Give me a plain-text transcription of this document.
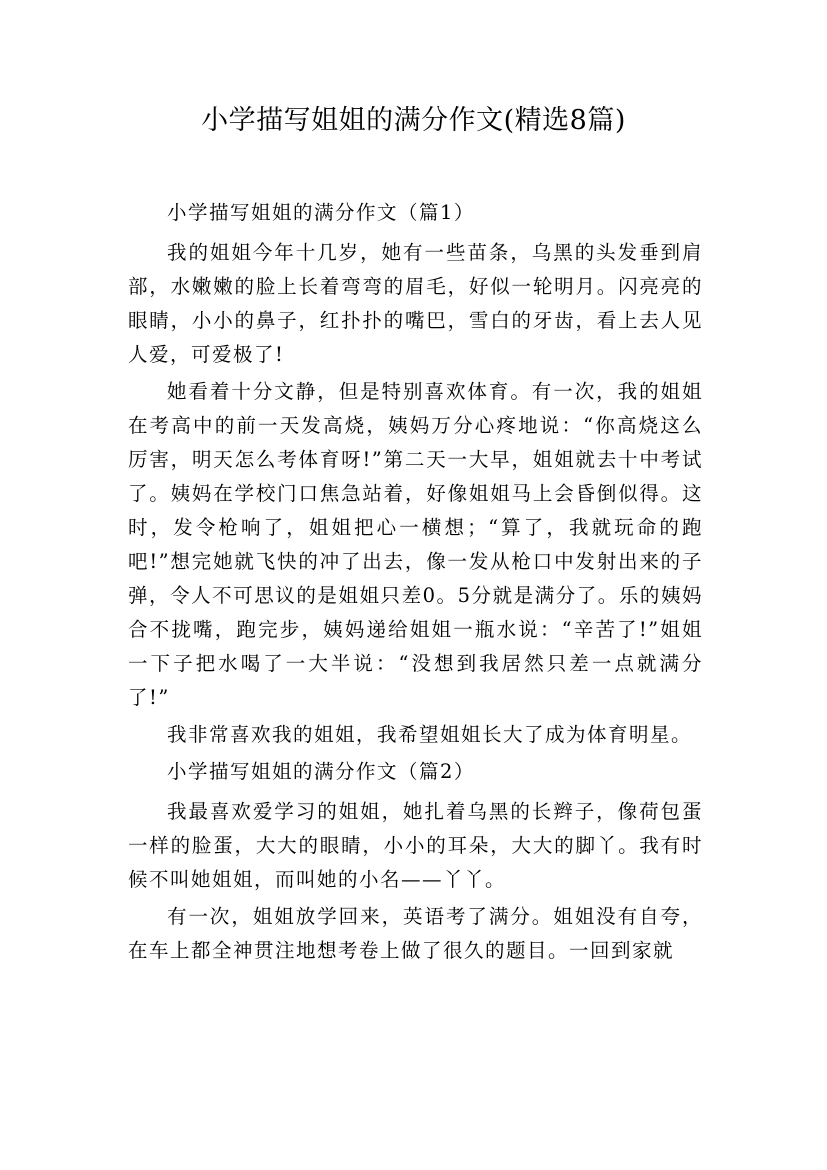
小学描写姐姐的满分作文(精选8篇)

小学描写姐姐的满分作文（篇1）

我的姐姐今年十几岁，她有一些苗条，乌黑的头发垂到肩部，水嫩嫩的脸上长着弯弯的眉毛，好似一轮明月。闪亮亮的眼睛，小小的鼻子，红扑扑的嘴巴，雪白的牙齿，看上去人见人爱，可爱极了!

她看着十分文静，但是特别喜欢体育。有一次，我的姐姐在考高中的前一天发高烧，姨妈万分心疼地说：“你高烧这么厉害，明天怎么考体育呀!”第二天一大早，姐姐就去十中考试了。姨妈在学校门口焦急站着，好像姐姐马上会昏倒似得。这时，发令枪响了，姐姐把心一横想；“算了，我就玩命的跑吧!”想完她就飞快的冲了出去，像一发从枪口中发射出来的子弹，令人不可思议的是姐姐只差0。5分就是满分了。乐的姨妈合不拢嘴，跑完步，姨妈递给姐姐一瓶水说：“辛苦了!”姐姐一下子把水喝了一大半说：“没想到我居然只差一点就满分了!”

我非常喜欢我的姐姐，我希望姐姐长大了成为体育明星。

小学描写姐姐的满分作文（篇2）

我最喜欢爱学习的姐姐，她扎着乌黑的长辫子，像荷包蛋一样的脸蛋，大大的眼睛，小小的耳朵，大大的脚丫。我有时候不叫她姐姐，而叫她的小名——丫丫。

有一次，姐姐放学回来，英语考了满分。姐姐没有自夸，在车上都全神贯注地想考卷上做了很久的题目。一回到家就
